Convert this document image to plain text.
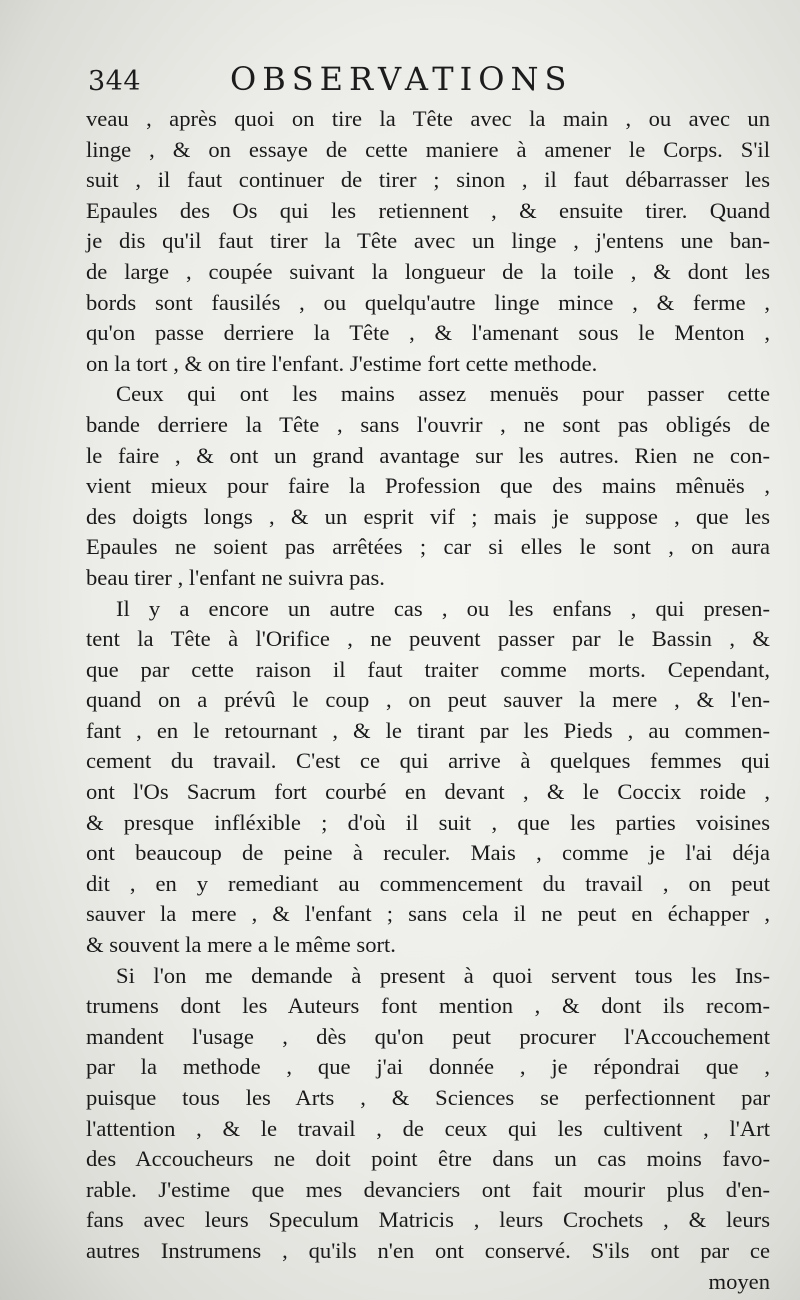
344	OBSERVATIONS
veau , après quoi on tire la Tête avec la main , ou avec un
linge , & on essaye de cette maniere à amener le Corps. S'il
suit , il faut continuer de tirer ; sinon , il faut débarrasser les
Epaules des Os qui les retiennent , & ensuite tirer. Quand
je dis qu'il faut tirer la Tête avec un linge , j'entens une ban-
de large , coupée suivant la longueur de la toile , & dont les
bords sont fausilés , ou quelqu'autre linge mince , & ferme ,
qu'on passe derriere la Tête , & l'amenant sous le Menton ,
on la tort , & on tire l'enfant. J'estime fort cette methode.
Ceux qui ont les mains assez menuës pour passer cette
bande derriere la Tête , sans l'ouvrir , ne sont pas obligés de
le faire , & ont un grand avantage sur les autres. Rien ne con-
vient mieux pour faire la Profession que des mains mênuës ,
des doigts longs , & un esprit vif ; mais je suppose , que les
Epaules ne soient pas arrêtées ; car si elles le sont , on aura
beau tirer , l'enfant ne suivra pas.
Il y a encore un autre cas , ou les enfans , qui presen-
tent la Tête à l'Orifice , ne peuvent passer par le Bassin , &
que par cette raison il faut traiter comme morts. Cependant,
quand on a prévû le coup , on peut sauver la mere , & l'en-
fant , en le retournant , & le tirant par les Pieds , au commen-
cement du travail. C'est ce qui arrive à quelques femmes qui
ont l'Os Sacrum fort courbé en devant , & le Coccix roide ,
& presque infléxible ; d'où il suit , que les parties voisines
ont beaucoup de peine à reculer. Mais , comme je l'ai déja
dit , en y remediant au commencement du travail , on peut
sauver la mere , & l'enfant ; sans cela il ne peut en échapper ,
& souvent la mere a le même sort.
Si l'on me demande à present à quoi servent tous les Ins-
trumens dont les Auteurs font mention , & dont ils recom-
mandent l'usage , dès qu'on peut procurer l'Accouchement
par la methode , que j'ai donnée , je répondrai que ,
puisque tous les Arts , & Sciences se perfectionnent par
l'attention , & le travail , de ceux qui les cultivent , l'Art
des Accoucheurs ne doit point être dans un cas moins favo-
rable. J'estime que mes devanciers ont fait mourir plus d'en-
fans avec leurs Speculum Matricis , leurs Crochets , & leurs
autres Instrumens , qu'ils n'en ont conservé. S'ils ont par ce
moyen
